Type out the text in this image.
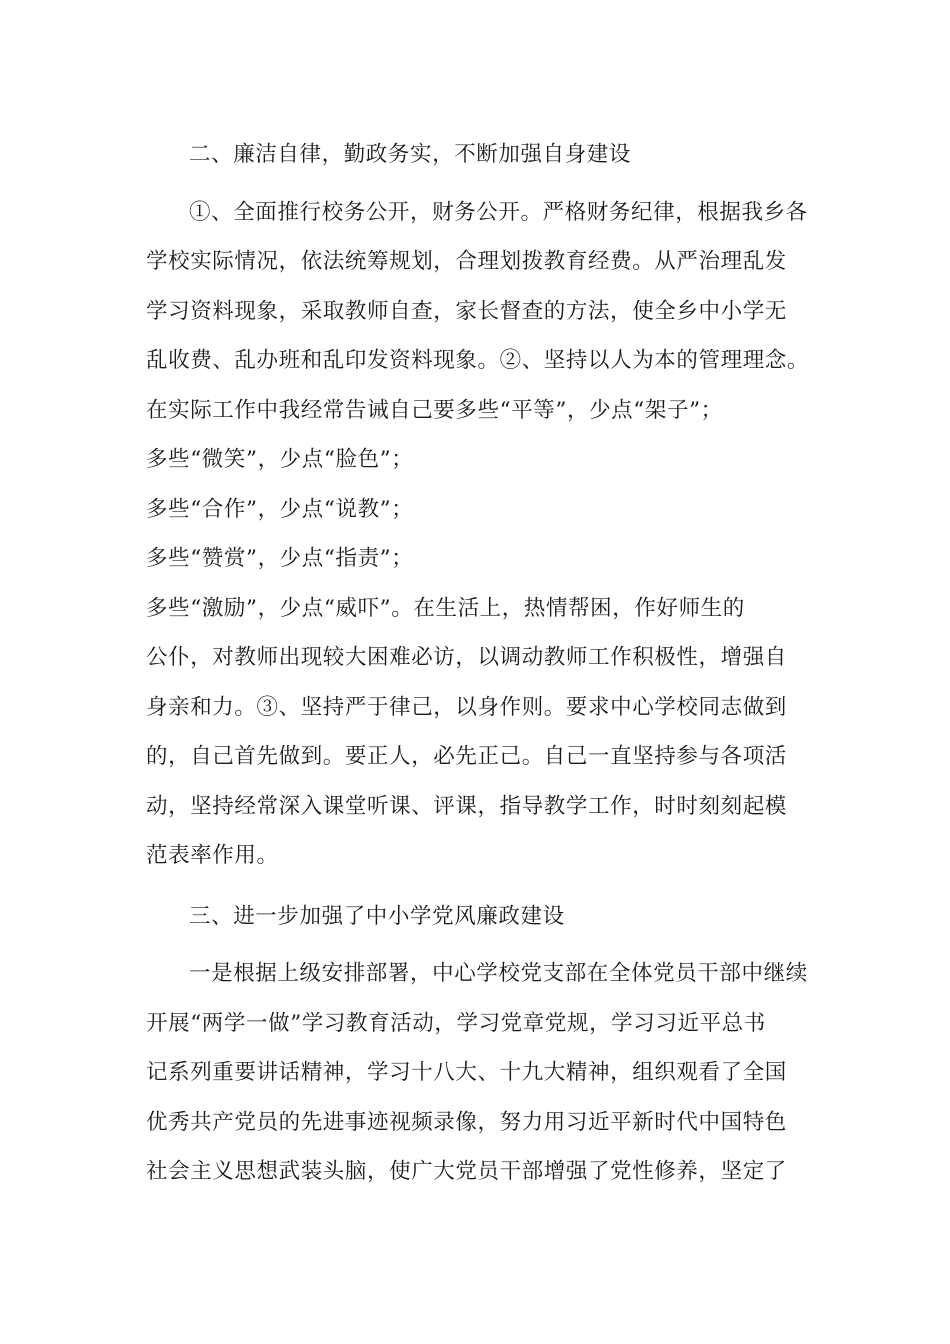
二、廉洁自律，勤政务实，不断加强自身建设
①、全面推行校务公开，财务公开。严格财务纪律，根据我乡各
学校实际情况，依法统筹规划，合理划拨教育经费。从严治理乱发
学习资料现象，采取教师自查，家长督查的方法，使全乡中小学无
乱收费、乱办班和乱印发资料现象。②、坚持以人为本的管理理念。
在实际工作中我经常告诫自己要多些“平等”，少点“架子”；
多些“微笑”，少点“脸色”；
多些“合作”，少点“说教”；
多些“赞赏”，少点“指责”；
多些“激励”，少点“威吓”。在生活上，热情帮困，作好师生的
公仆，对教师出现较大困难必访，以调动教师工作积极性，增强自
身亲和力。③、坚持严于律己，以身作则。要求中心学校同志做到
的，自己首先做到。要正人，必先正己。自己一直坚持参与各项活
动，坚持经常深入课堂听课、评课，指导教学工作，时时刻刻起模
范表率作用。
三、进一步加强了中小学党风廉政建设
一是根据上级安排部署，中心学校党支部在全体党员干部中继续
开展“两学一做”学习教育活动，学习党章党规，学习习近平总书
记系列重要讲话精神，学习十八大、十九大精神，组织观看了全国
优秀共产党员的先进事迹视频录像，努力用习近平新时代中国特色
社会主义思想武装头脑，使广大党员干部增强了党性修养，坚定了
